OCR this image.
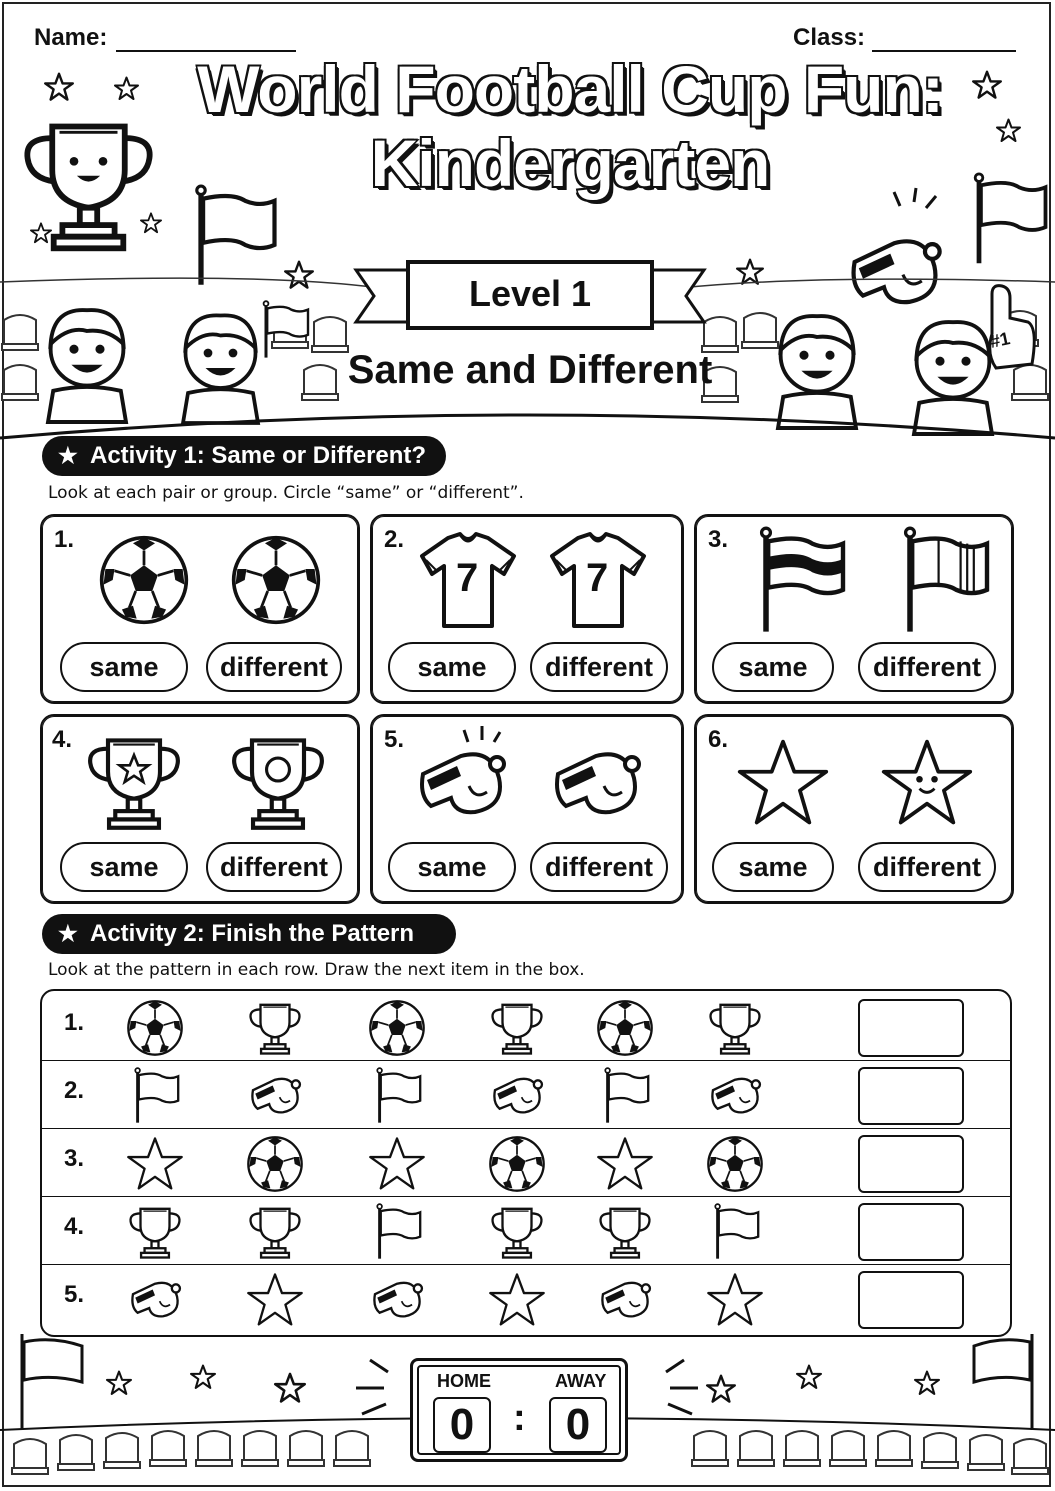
Name:	Class:
World Football Cup Fun:
Kindergarten
Level 1
#1
Same and Different
★ Activity 1: Same or Different?
Look at each pair or group. Circle “same” or “different”.
1.
same	different
2.
7	7
same	different
3.
same	different
4.
same	different
5.
same	different
6.
same	different
★ Activity 2: Finish the Pattern
Look at the pattern in each row. Draw the next item in the box.
1.
2.
3.
4.
5.
HOME	AWAY
0	: 0
